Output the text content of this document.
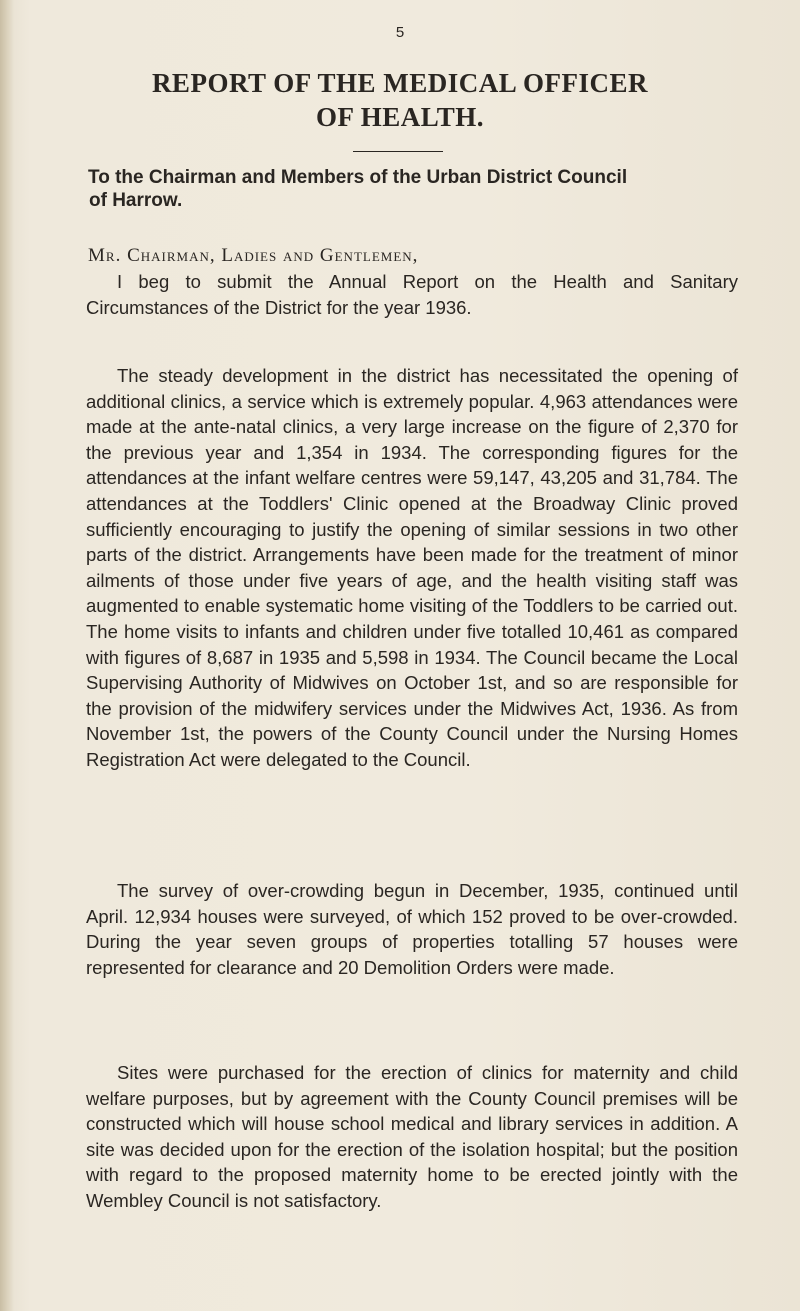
5
REPORT OF THE MEDICAL OFFICER
OF HEALTH.
To the Chairman and Members of the Urban District Council
of Harrow.
Mr. Chairman, Ladies and Gentlemen,

I beg to submit the Annual Report on the Health and Sanitary Circumstances of the District for the year 1936.

The steady development in the district has necessitated the opening of additional clinics, a service which is extremely popular. 4,963 attendances were made at the ante-natal clinics, a very large increase on the figure of 2,370 for the previous year and 1,354 in 1934. The corresponding figures for the attendances at the infant welfare centres were 59,147, 43,205 and 31,784. The attendances at the Toddlers' Clinic opened at the Broadway Clinic proved sufficiently encouraging to justify the opening of similar sessions in two other parts of the district. Arrangements have been made for the treatment of minor ailments of those under five years of age, and the health visiting staff was augmented to enable systematic home visiting of the Toddlers to be carried out. The home visits to infants and children under five totalled 10,461 as compared with figures of 8,687 in 1935 and 5,598 in 1934. The Council became the Local Supervising Authority of Midwives on October 1st, and so are responsible for the provision of the midwifery services under the Midwives Act, 1936. As from November 1st, the powers of the County Council under the Nursing Homes Registration Act were delegated to the Council.

The survey of over-crowding begun in December, 1935, continued until April. 12,934 houses were surveyed, of which 152 proved to be over-crowded. During the year seven groups of properties totalling 57 houses were represented for clearance and 20 Demolition Orders were made.

Sites were purchased for the erection of clinics for maternity and child welfare purposes, but by agreement with the County Council premises will be constructed which will house school medical and library services in addition. A site was decided upon for the erection of the isolation hospital; but the position with regard to the proposed maternity home to be erected jointly with the Wembley Council is not satisfactory.
